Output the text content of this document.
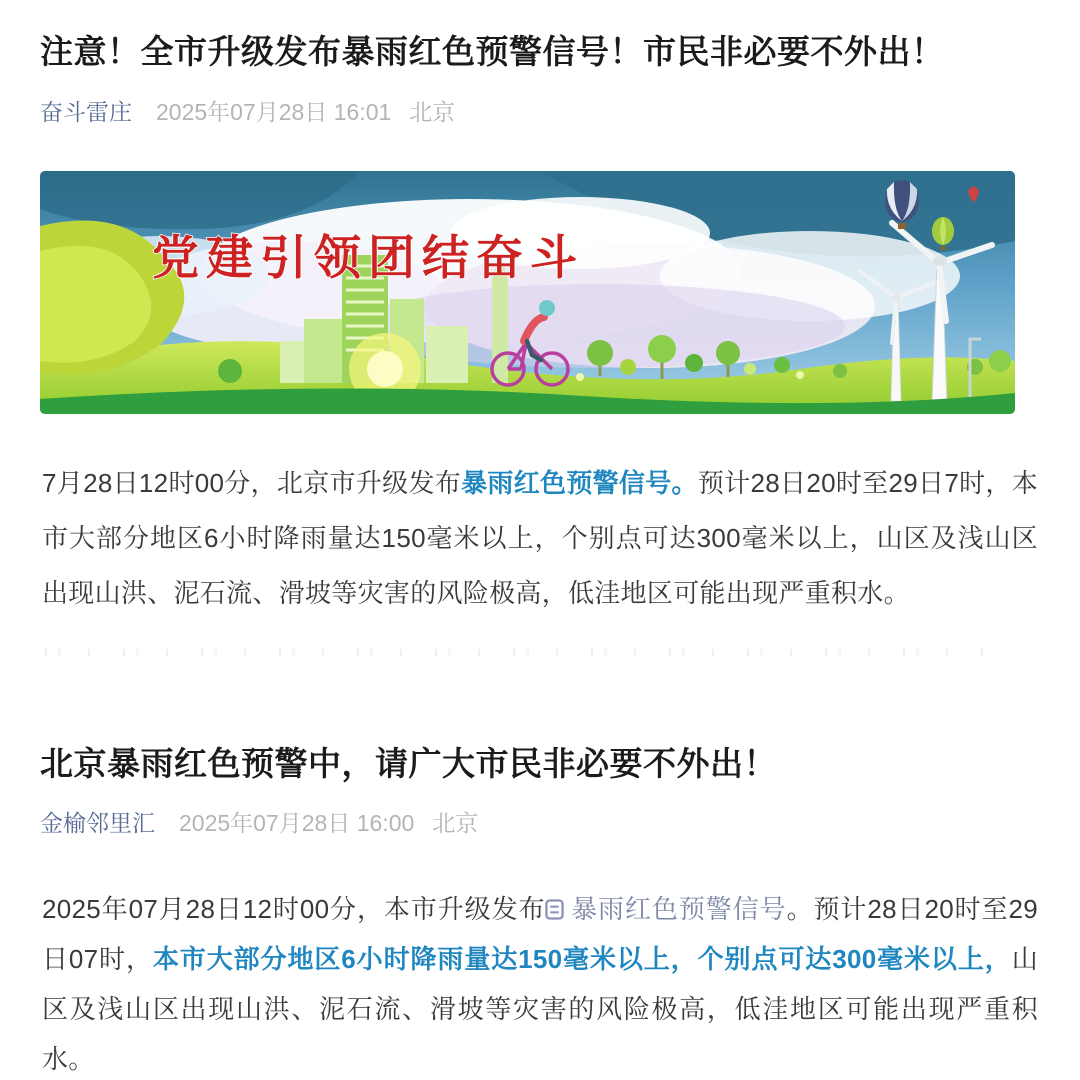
注意！全市升级发布暴雨红色预警信号！市民非必要不外出！
奋斗雷庄 2025年07月28日 16:01 北京
党建引领团结奋斗

7月28日12时00分，北京市升级发布暴雨红色预警信号。预计28日20时至29日7时，本市大部分地区6小时降雨量达150毫米以上，个别点可达300毫米以上，山区及浅山区出现山洪、泥石流、滑坡等灾害的风险极高，低洼地区可能出现严重积水。

北京暴雨红色预警中，请广大市民非必要不外出！
金榆邻里汇 2025年07月28日 16:00 北京

2025年07月28日12时00分，本市升级发布 暴雨红色预警信号。预计28日20时至29日07时，本市大部分地区6小时降雨量达150毫米以上，个别点可达300毫米以上，山区及浅山区出现山洪、泥石流、滑坡等灾害的风险极高，低洼地区可能出现严重积水。
